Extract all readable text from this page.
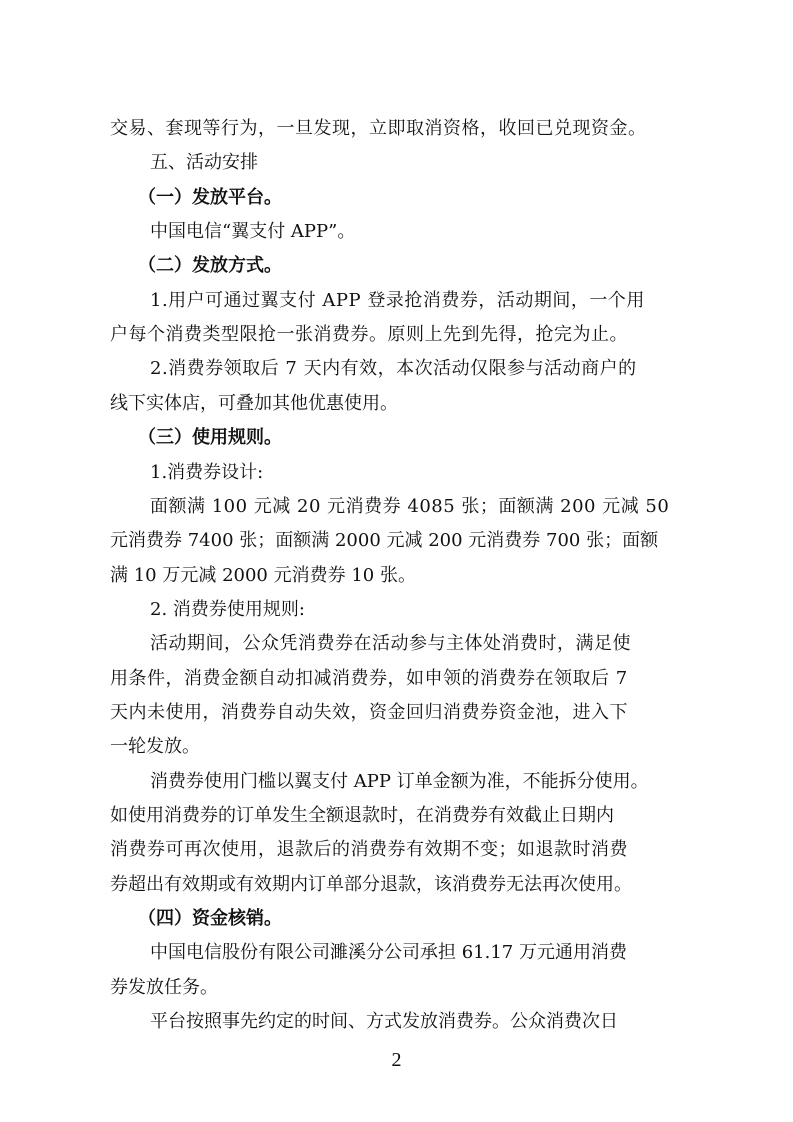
交易、套现等行为，一旦发现，立即取消资格，收回已兑现资金。
五、活动安排
（一）发放平台。
中国电信“翼支付 APP”。
（二）发放方式。
1.用户可通过翼支付 APP 登录抢消费券，活动期间，一个用
户每个消费类型限抢一张消费券。原则上先到先得，抢完为止。
2.消费券领取后 7 天内有效，本次活动仅限参与活动商户的
线下实体店，可叠加其他优惠使用。
（三）使用规则。
1.消费券设计:
面额满 100 元减 20 元消费券 4085 张；面额满 200 元减 50
元消费券 7400 张；面额满 2000 元减 200 元消费券 700 张；面额
满 10 万元减 2000 元消费券 10 张。
2. 消费券使用规则:
活动期间，公众凭消费券在活动参与主体处消费时，满足使
用条件，消费金额自动扣减消费券，如申领的消费券在领取后 7
天内未使用，消费券自动失效，资金回归消费券资金池，进入下
一轮发放。
消费券使用门槛以翼支付 APP 订单金额为准，不能拆分使用。
如使用消费券的订单发生全额退款时，在消费券有效截止日期内
消费券可再次使用，退款后的消费券有效期不变；如退款时消费
券超出有效期或有效期内订单部分退款，该消费券无法再次使用。
（四）资金核销。
中国电信股份有限公司濉溪分公司承担 61.17 万元通用消费
券发放任务。
平台按照事先约定的时间、方式发放消费券。公众消费次日
2
